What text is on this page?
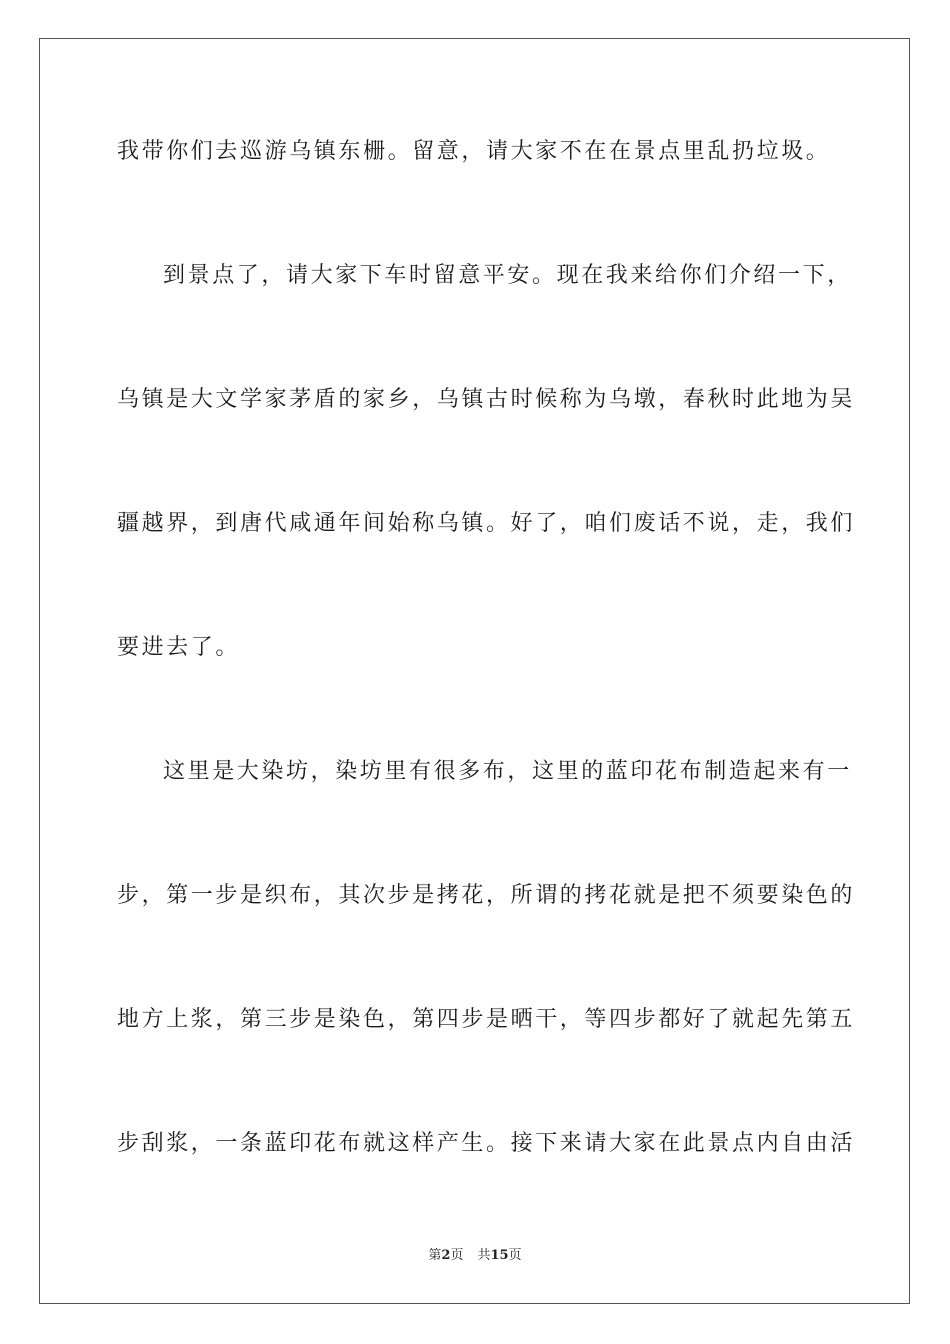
我带你们去巡游乌镇东栅。留意，请大家不在在景点里乱扔垃圾。
到景点了，请大家下车时留意平安。现在我来给你们介绍一下，
乌镇是大文学家茅盾的家乡，乌镇古时候称为乌墩，春秋时此地为吴
疆越界，到唐代咸通年间始称乌镇。好了，咱们废话不说，走，我们
要进去了。
这里是大染坊，染坊里有很多布，这里的蓝印花布制造起来有一
步，第一步是织布，其次步是拷花，所谓的拷花就是把不须要染色的
地方上浆，第三步是染色，第四步是晒干，等四步都好了就起先第五
步刮浆，一条蓝印花布就这样产生。接下来请大家在此景点内自由活
第2页 共15页
